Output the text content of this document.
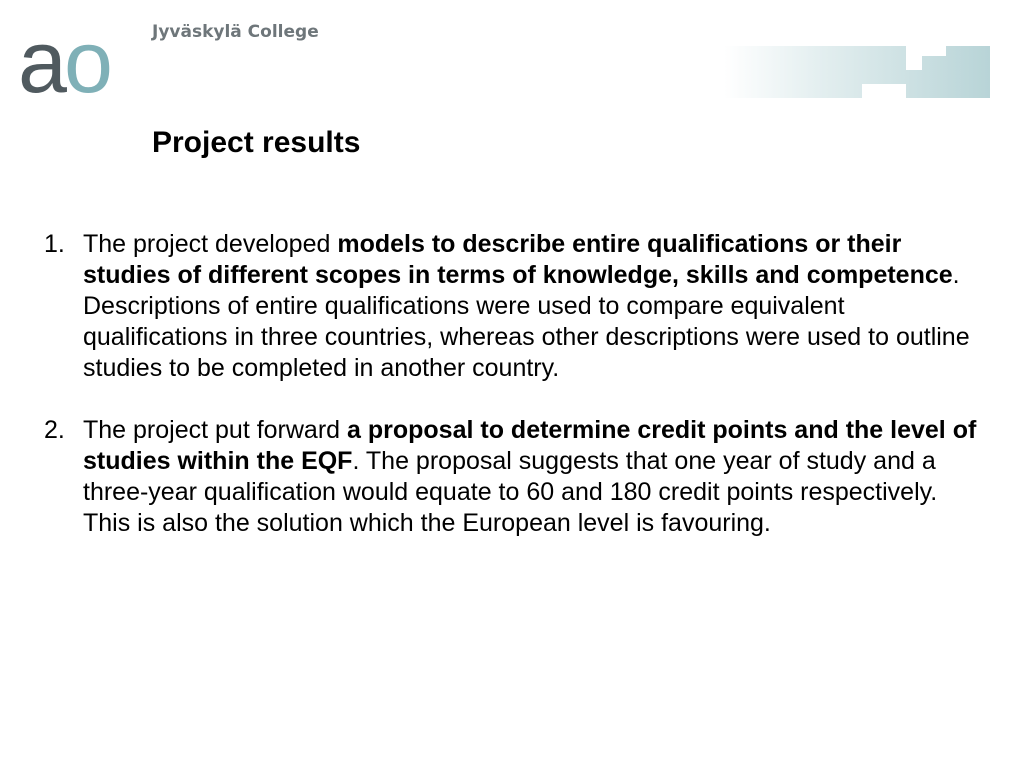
ao Jyväskylä College
Project results
1. The project developed models to describe entire qualifications or their studies of different scopes in terms of knowledge, skills and competence. Descriptions of entire qualifications were used to compare equivalent qualifications in three countries, whereas other descriptions were used to outline studies to be completed in another country.
2. The project put forward a proposal to determine credit points and the level of studies within the EQF. The proposal suggests that one year of study and a three-year qualification would equate to 60 and 180 credit points respectively. This is also the solution which the European level is favouring.
